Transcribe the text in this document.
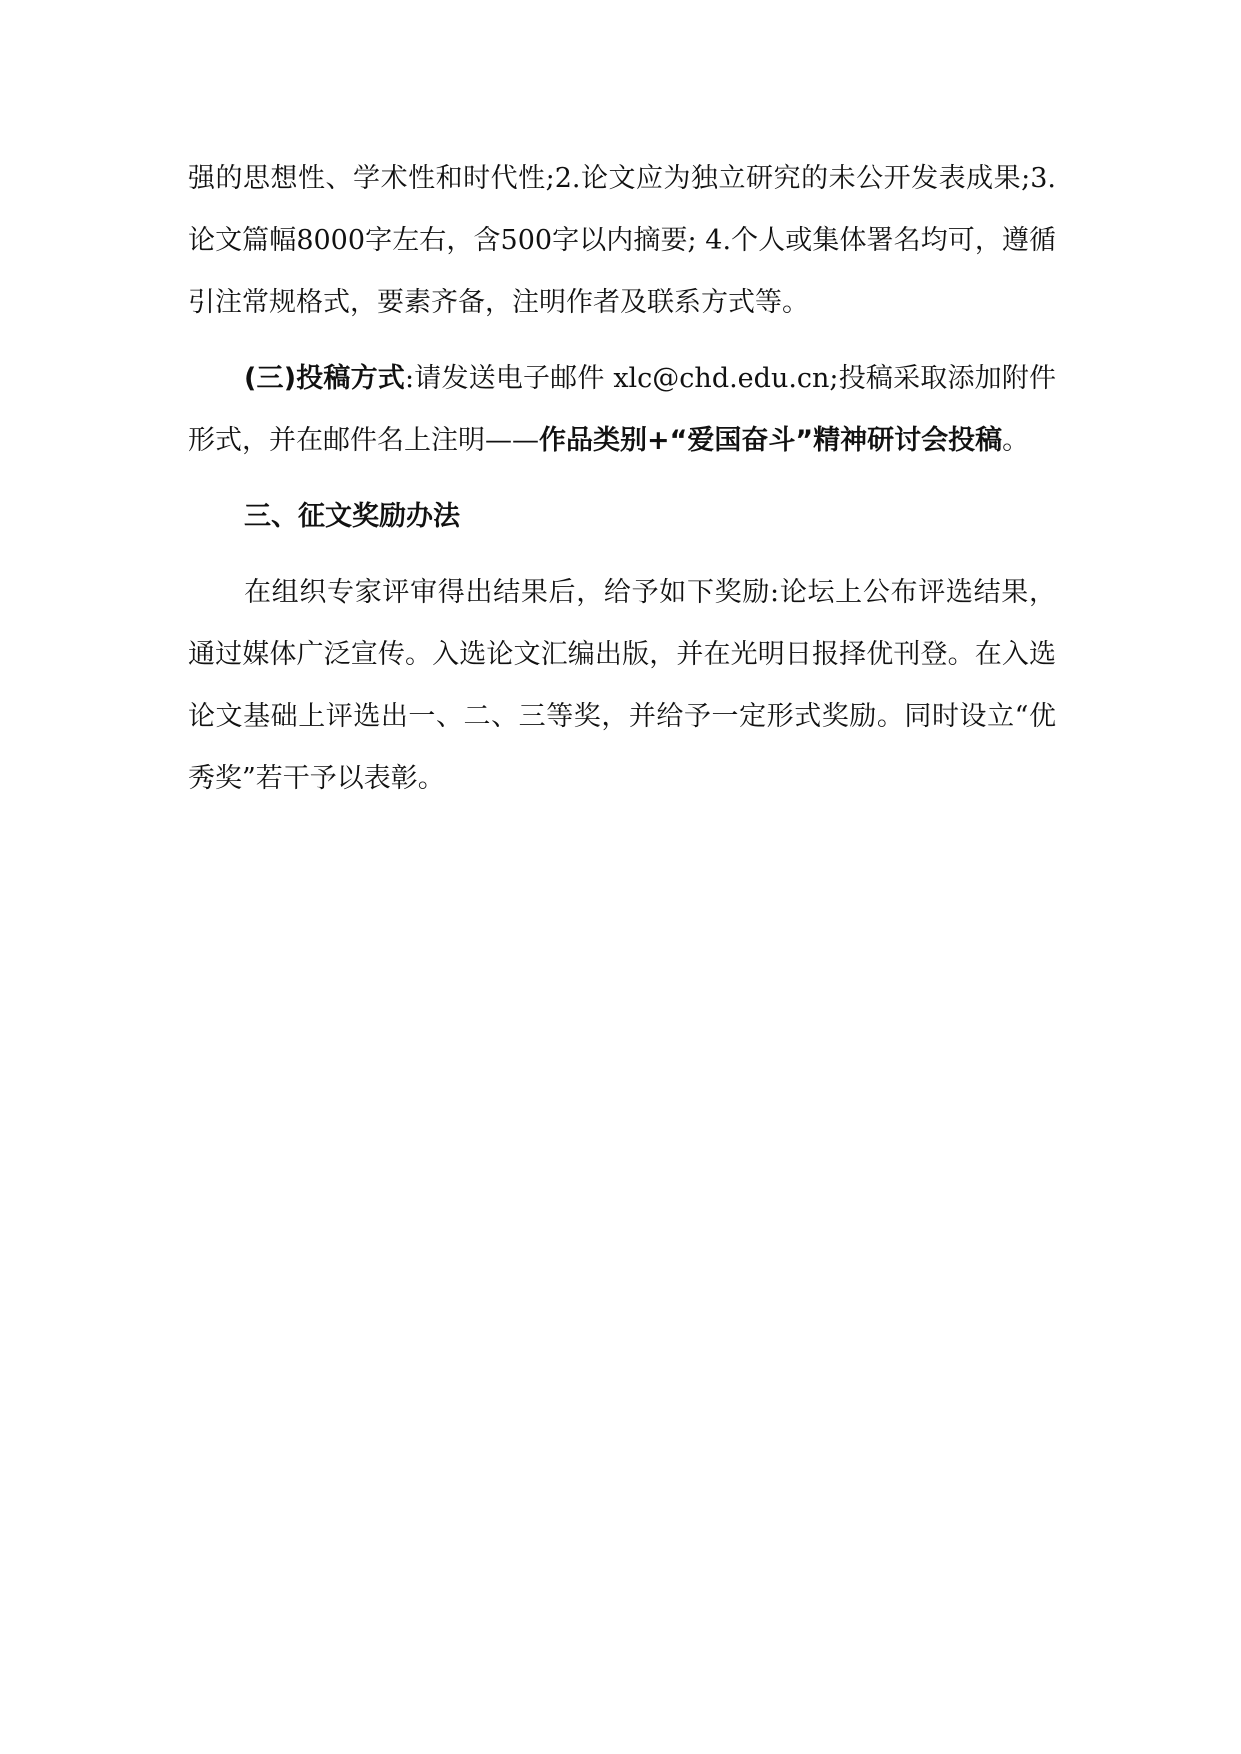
强的思想性、学术性和时代性;2.论文应为独立研究的未公开发表成果;3.论文篇幅8000字左右，含500字以内摘要; 4.个人或集体署名均可，遵循引注常规格式，要素齐备，注明作者及联系方式等。

(三)投稿方式:请发送电子邮件 xlc@chd.edu.cn;投稿采取添加附件形式，并在邮件名上注明——作品类别+“爱国奋斗”精神研讨会投稿。

三、征文奖励办法

在组织专家评审得出结果后，给予如下奖励:论坛上公布评选结果，通过媒体广泛宣传。入选论文汇编出版，并在光明日报择优刊登。在入选论文基础上评选出一、二、三等奖，并给予一定形式奖励。同时设立“优秀奖”若干予以表彰。
